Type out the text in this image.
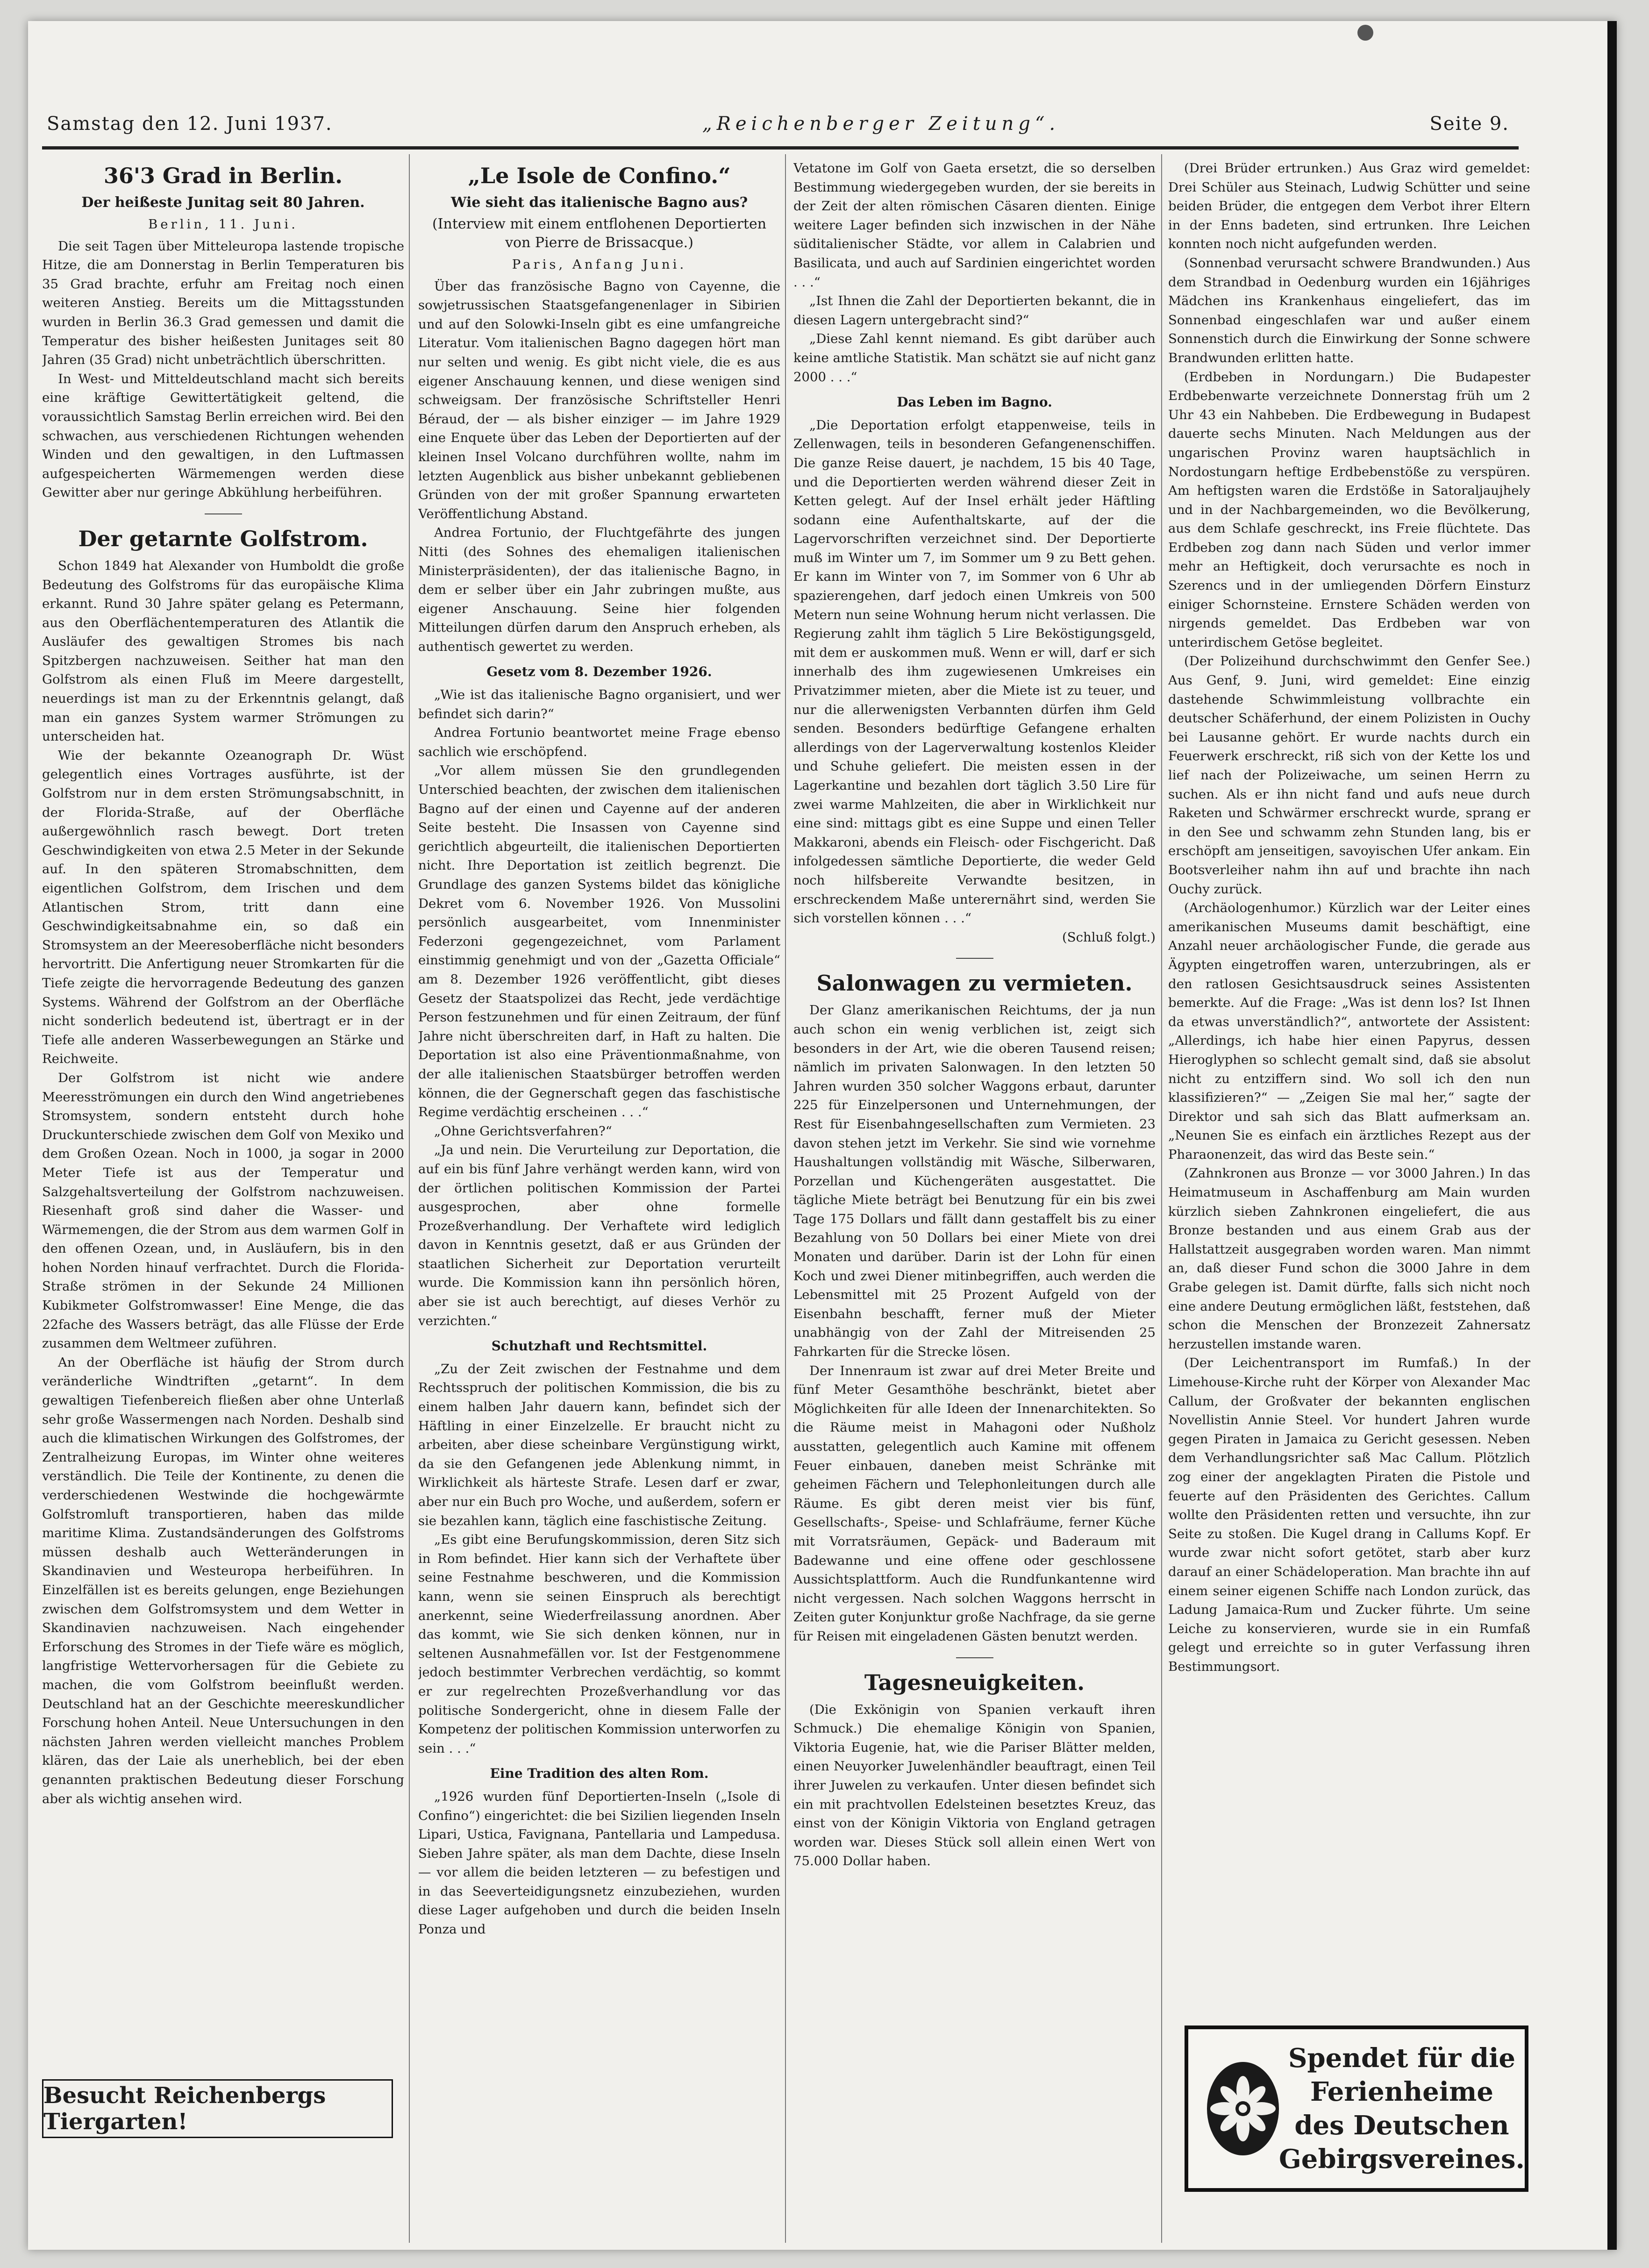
Samstag den 12. Juni 1937.	„Reichenberger Zeitung“.	Seite 9.
36'3 Grad in Berlin.
Der heißeste Junitag seit 80 Jahren.
Berlin, 11. Juni.

Die seit Tagen über Mitteleuropa lastende tropische Hitze, die am Donnerstag in Berlin Temperaturen bis 35 Grad brachte, erfuhr am Freitag noch einen weiteren Anstieg. Bereits um die Mittagsstunden wurden in Berlin 36.3 Grad gemessen und damit die Temperatur des bisher heißesten Junitages seit 80 Jahren (35 Grad) nicht unbeträchtlich überschritten.

In West- und Mitteldeutschland macht sich bereits eine kräftige Gewittertätigkeit geltend, die voraussichtlich Samstag Berlin erreichen wird. Bei den schwachen, aus verschiedenen Richtungen wehenden Winden und den gewaltigen, in den Luftmassen aufgespeicherten Wärmemengen werden diese Gewitter aber nur geringe Abkühlung herbeiführen.

Der getarnte Golfstrom.

Schon 1849 hat Alexander von Humboldt die große Bedeutung des Golfstroms für das europäische Klima erkannt. Rund 30 Jahre später gelang es Petermann, aus den Oberflächentemperaturen des Atlantik die Ausläufer des gewaltigen Stromes bis nach Spitzbergen nachzuweisen. Seither hat man den Golfstrom als einen Fluß im Meere dargestellt, neuerdings ist man zu der Erkenntnis gelangt, daß man ein ganzes System warmer Strömungen zu unterscheiden hat.

Wie der bekannte Ozeanograph Dr. Wüst gelegentlich eines Vortrages ausführte, ist der Golfstrom nur in dem ersten Strömungsabschnitt, in der Florida-Straße, auf der Oberfläche außergewöhnlich rasch bewegt. Dort treten Geschwindigkeiten von etwa 2.5 Meter in der Sekunde auf. In den späteren Stromabschnitten, dem eigentlichen Golfstrom, dem Irischen und dem Atlantischen Strom, tritt dann eine Geschwindigkeitsabnahme ein, so daß ein Stromsystem an der Meeresoberfläche nicht besonders hervortritt. Die Anfertigung neuer Stromkarten für die Tiefe zeigte die hervorragende Bedeutung des ganzen Systems. Während der Golfstrom an der Oberfläche nicht sonderlich bedeutend ist, übertragt er in der Tiefe alle anderen Wasserbewegungen an Stärke und Reichweite.

Der Golfstrom ist nicht wie andere Meeresströmungen ein durch den Wind angetriebenes Stromsystem, sondern entsteht durch hohe Druckunterschiede zwischen dem Golf von Mexiko und dem Großen Ozean. Noch in 1000, ja sogar in 2000 Meter Tiefe ist aus der Temperatur und Salzgehaltsverteilung der Golfstrom nachzuweisen. Riesenhaft groß sind daher die Wasser- und Wärmemengen, die der Strom aus dem warmen Golf in den offenen Ozean, und, in Ausläufern, bis in den hohen Norden hinauf verfrachtet. Durch die Florida-Straße strömen in der Sekunde 24 Millionen Kubikmeter Golfstromwasser! Eine Menge, die das 22fache des Wassers beträgt, das alle Flüsse der Erde zusammen dem Weltmeer zuführen.

An der Oberfläche ist häufig der Strom durch veränderliche Windtriften „getarnt“. In dem gewaltigen Tiefenbereich fließen aber ohne Unterlaß sehr große Wassermengen nach Norden. Deshalb sind auch die klimatischen Wirkungen des Golfstromes, der Zentralheizung Europas, im Winter ohne weiteres verständlich. Die Teile der Kontinente, zu denen die verderschiedenen Westwinde die hochgewärmte Golfstromluft transportieren, haben das milde maritime Klima. Zustandsänderungen des Golfstroms müssen deshalb auch Wetteränderungen in Skandinavien und Westeuropa herbeiführen. In Einzelfällen ist es bereits gelungen, enge Beziehungen zwischen dem Golfstromsystem und dem Wetter in Skandinavien nachzuweisen. Nach eingehender Erforschung des Stromes in der Tiefe wäre es möglich, langfristige Wettervorhersagen für die Gebiete zu machen, die vom Golfstrom beeinflußt werden. Deutschland hat an der Geschichte meereskundlicher Forschung hohen Anteil. Neue Untersuchungen in den nächsten Jahren werden vielleicht manches Problem klären, das der Laie als unerheblich, bei der eben genannten praktischen Bedeutung dieser Forschung aber als wichtig ansehen wird.

Besucht Reichenbergs Tiergarten!
„Le Isole de Confino.“
Wie sieht das italienische Bagno aus?
(Interview mit einem entflohenen Deportierten von Pierre de Brissacque.)
Paris, Anfang Juni.

Über das französische Bagno von Cayenne, die sowjetrussischen Staatsgefangenenlager in Sibirien und auf den Solowki-Inseln gibt es eine umfangreiche Literatur. Vom italienischen Bagno dagegen hört man nur selten und wenig. Es gibt nicht viele, die es aus eigener Anschauung kennen, und diese wenigen sind schweigsam. Der französische Schriftsteller Henri Béraud, der — als bisher einziger — im Jahre 1929 eine Enquete über das Leben der Deportierten auf der kleinen Insel Volcano durchführen wollte, nahm im letzten Augenblick aus bisher unbekannt gebliebenen Gründen von der mit großer Spannung erwarteten Veröffentlichung Abstand.

Andrea Fortunio, der Fluchtgefährte des jungen Nitti (des Sohnes des ehemaligen italienischen Ministerpräsidenten), der das italienische Bagno, in dem er selber über ein Jahr zubringen mußte, aus eigener Anschauung. Seine hier folgenden Mitteilungen dürfen darum den Anspruch erheben, als authentisch gewertet zu werden.

Gesetz vom 8. Dezember 1926.

„Wie ist das italienische Bagno organisiert, und wer befindet sich darin?“

Andrea Fortunio beantwortet meine Frage ebenso sachlich wie erschöpfend.

„Vor allem müssen Sie den grundlegenden Unterschied beachten, der zwischen dem italienischen Bagno auf der einen und Cayenne auf der anderen Seite besteht. Die Insassen von Cayenne sind gerichtlich abgeurteilt, die italienischen Deportierten nicht. Ihre Deportation ist zeitlich begrenzt. Die Grundlage des ganzen Systems bildet das königliche Dekret vom 6. November 1926. Von Mussolini persönlich ausgearbeitet, vom Innenminister Federzoni gegengezeichnet, vom Parlament einstimmig genehmigt und von der „Gazetta Officiale“ am 8. Dezember 1926 veröffentlicht, gibt dieses Gesetz der Staatspolizei das Recht, jede verdächtige Person festzunehmen und für einen Zeitraum, der fünf Jahre nicht überschreiten darf, in Haft zu halten. Die Deportation ist also eine Präventionmaßnahme, von der alle italienischen Staatsbürger betroffen werden können, die der Gegnerschaft gegen das faschistische Regime verdächtig erscheinen . . .“

„Ohne Gerichtsverfahren?“

„Ja und nein. Die Verurteilung zur Deportation, die auf ein bis fünf Jahre verhängt werden kann, wird von der örtlichen politischen Kommission der Partei ausgesprochen, aber ohne formelle Prozeßverhandlung. Der Verhaftete wird lediglich davon in Kenntnis gesetzt, daß er aus Gründen der staatlichen Sicherheit zur Deportation verurteilt wurde. Die Kommission kann ihn persönlich hören, aber sie ist auch berechtigt, auf dieses Verhör zu verzichten.“

Schutzhaft und Rechtsmittel.

„Zu der Zeit zwischen der Festnahme und dem Rechtsspruch der politischen Kommission, die bis zu einem halben Jahr dauern kann, befindet sich der Häftling in einer Einzelzelle. Er braucht nicht zu arbeiten, aber diese scheinbare Vergünstigung wirkt, da sie den Gefangenen jede Ablenkung nimmt, in Wirklichkeit als härteste Strafe. Lesen darf er zwar, aber nur ein Buch pro Woche, und außerdem, sofern er sie bezahlen kann, täglich eine faschistische Zeitung.

„Es gibt eine Berufungskommission, deren Sitz sich in Rom befindet. Hier kann sich der Verhaftete über seine Festnahme beschweren, und die Kommission kann, wenn sie seinen Einspruch als berechtigt anerkennt, seine Wiederfreilassung anordnen. Aber das kommt, wie Sie sich denken können, nur in seltenen Ausnahmefällen vor. Ist der Festgenommene jedoch bestimmter Verbrechen verdächtig, so kommt er zur regelrechten Prozeßverhandlung vor das politische Sondergericht, ohne in diesem Falle der Kompetenz der politischen Kommission unterworfen zu sein . . .“

Eine Tradition des alten Rom.

„1926 wurden fünf Deportierten-Inseln („Isole di Confino“) eingerichtet: die bei Sizilien liegenden Inseln Lipari, Ustica, Favignana, Pantellaria und Lampedusa. Sieben Jahre später, als man dem Dachte, diese Inseln — vor allem die beiden letzteren — zu befestigen und in das Seeverteidigungsnetz einzubeziehen, wurden diese Lager aufgehoben und durch die beiden Inseln Ponza und

Vetatone im Golf von Gaeta ersetzt, die so derselben Bestimmung wiedergegeben wurden, der sie bereits in der Zeit der alten römischen Cäsaren dienten. Einige weitere Lager befinden sich inzwischen in der Nähe süditalienischer Städte, vor allem in Calabrien und Basilicata, und auch auf Sardinien eingerichtet worden . . .“

„Ist Ihnen die Zahl der Deportierten bekannt, die in diesen Lagern untergebracht sind?“

„Diese Zahl kennt niemand. Es gibt darüber auch keine amtliche Statistik. Man schätzt sie auf nicht ganz 2000 . . .“

Das Leben im Bagno.

„Die Deportation erfolgt etappenweise, teils in Zellenwagen, teils in besonderen Gefangenenschiffen. Die ganze Reise dauert, je nachdem, 15 bis 40 Tage, und die Deportierten werden während dieser Zeit in Ketten gelegt. Auf der Insel erhält jeder Häftling sodann eine Aufenthaltskarte, auf der die Lagervorschriften verzeichnet sind. Der Deportierte muß im Winter um 7, im Sommer um 9 zu Bett gehen. Er kann im Winter von 7, im Sommer von 6 Uhr ab spazierengehen, darf jedoch einen Umkreis von 500 Metern nun seine Wohnung herum nicht verlassen. Die Regierung zahlt ihm täglich 5 Lire Beköstigungsgeld, mit dem er auskommen muß. Wenn er will, darf er sich innerhalb des ihm zugewiesenen Umkreises ein Privatzimmer mieten, aber die Miete ist zu teuer, und nur die allerwenigsten Verbannten dürfen ihm Geld senden. Besonders bedürftige Gefangene erhalten allerdings von der Lagerverwaltung kostenlos Kleider und Schuhe geliefert. Die meisten essen in der Lagerkantine und bezahlen dort täglich 3.50 Lire für zwei warme Mahlzeiten, die aber in Wirklichkeit nur eine sind: mittags gibt es eine Suppe und einen Teller Makkaroni, abends ein Fleisch- oder Fischgericht. Daß infolgedessen sämtliche Deportierte, die weder Geld noch hilfsbereite Verwandte besitzen, in erschreckendem Maße unterernährt sind, werden Sie sich vorstellen können . . .“

(Schluß folgt.)
Salonwagen zu vermieten.

Der Glanz amerikanischen Reichtums, der ja nun auch schon ein wenig verblichen ist, zeigt sich besonders in der Art, wie die oberen Tausend reisen; nämlich im privaten Salonwagen. In den letzten 50 Jahren wurden 350 solcher Waggons erbaut, darunter 225 für Einzelpersonen und Unternehmungen, der Rest für Eisenbahngesellschaften zum Vermieten. 23 davon stehen jetzt im Verkehr. Sie sind wie vornehme Haushaltungen vollständig mit Wäsche, Silberwaren, Porzellan und Küchengeräten ausgestattet. Die tägliche Miete beträgt bei Benutzung für ein bis zwei Tage 175 Dollars und fällt dann gestaffelt bis zu einer Bezahlung von 50 Dollars bei einer Miete von drei Monaten und darüber. Darin ist der Lohn für einen Koch und zwei Diener mitinbegriffen, auch werden die Lebensmittel mit 25 Prozent Aufgeld von der Eisenbahn beschafft, ferner muß der Mieter unabhängig von der Zahl der Mitreisenden 25 Fahrkarten für die Strecke lösen.

Der Innenraum ist zwar auf drei Meter Breite und fünf Meter Gesamthöhe beschränkt, bietet aber Möglichkeiten für alle Ideen der Innenarchitekten. So die Räume meist in Mahagoni oder Nußholz ausstatten, gelegentlich auch Kamine mit offenem Feuer einbauen, daneben meist Schränke mit geheimen Fächern und Telephonleitungen durch alle Räume. Es gibt deren meist vier bis fünf, Gesellschafts-, Speise- und Schlafräume, ferner Küche mit Vorratsräumen, Gepäck- und Baderaum mit Badewanne und eine offene oder geschlossene Aussichtsplattform. Auch die Rundfunkantenne wird nicht vergessen. Nach solchen Waggons herrscht in Zeiten guter Konjunktur große Nachfrage, da sie gerne für Reisen mit eingeladenen Gästen benutzt werden.

Tagesneuigkeiten.

(Die Exkönigin von Spanien verkauft ihren Schmuck.) Die ehemalige Königin von Spanien, Viktoria Eugenie, hat, wie die Pariser Blätter melden, einen Neuyorker Juwelenhändler beauftragt, einen Teil ihrer Juwelen zu verkaufen. Unter diesen befindet sich ein mit prachtvollen Edelsteinen besetztes Kreuz, das einst von der Königin Viktoria von England getragen worden war. Dieses Stück soll allein einen Wert von 75.000 Dollar haben.

(Drei Brüder ertrunken.) Aus Graz wird gemeldet: Drei Schüler aus Steinach, Ludwig Schütter und seine beiden Brüder, die entgegen dem Verbot ihrer Eltern in der Enns badeten, sind ertrunken. Ihre Leichen konnten noch nicht aufgefunden werden.

(Sonnenbad verursacht schwere Brandwunden.) Aus dem Strandbad in Oedenburg wurden ein 16jähriges Mädchen ins Krankenhaus eingeliefert, das im Sonnenbad eingeschlafen war und außer einem Sonnenstich durch die Einwirkung der Sonne schwere Brandwunden erlitten hatte.

(Erdbeben in Nordungarn.) Die Budapester Erdbebenwarte verzeichnete Donnerstag früh um 2 Uhr 43 ein Nahbeben. Die Erdbewegung in Budapest dauerte sechs Minuten. Nach Meldungen aus der ungarischen Provinz waren hauptsächlich in Nordostungarn heftige Erdbebenstöße zu verspüren. Am heftigsten waren die Erdstöße in Satoraljaujhely und in der Nachbargemeinden, wo die Bevölkerung, aus dem Schlafe geschreckt, ins Freie flüchtete. Das Erdbeben zog dann nach Süden und verlor immer mehr an Heftigkeit, doch verursachte es noch in Szerencs und in der umliegenden Dörfern Einsturz einiger Schornsteine. Ernstere Schäden werden von nirgends gemeldet. Das Erdbeben war von unterirdischem Getöse begleitet.

(Der Polizeihund durchschwimmt den Genfer See.) Aus Genf, 9. Juni, wird gemeldet: Eine einzig dastehende Schwimmleistung vollbrachte ein deutscher Schäferhund, der einem Polizisten in Ouchy bei Lausanne gehört. Er wurde nachts durch ein Feuerwerk erschreckt, riß sich von der Kette los und lief nach der Polizeiwache, um seinen Herrn zu suchen. Als er ihn nicht fand und aufs neue durch Raketen und Schwärmer erschreckt wurde, sprang er in den See und schwamm zehn Stunden lang, bis er erschöpft am jenseitigen, savoyischen Ufer ankam. Ein Bootsverleiher nahm ihn auf und brachte ihn nach Ouchy zurück.

(Archäologenhumor.) Kürzlich war der Leiter eines amerikanischen Museums damit beschäftigt, eine Anzahl neuer archäologischer Funde, die gerade aus Ägypten eingetroffen waren, unterzubringen, als er den ratlosen Gesichtsausdruck seines Assistenten bemerkte. Auf die Frage: „Was ist denn los? Ist Ihnen da etwas unverständlich?“, antwortete der Assistent: „Allerdings, ich habe hier einen Papyrus, dessen Hieroglyphen so schlecht gemalt sind, daß sie absolut nicht zu entziffern sind. Wo soll ich den nun klassifizieren?“ — „Zeigen Sie mal her,“ sagte der Direktor und sah sich das Blatt aufmerksam an. „Neunen Sie es einfach ein ärztliches Rezept aus der Pharaonenzeit, das wird das Beste sein.“

(Zahnkronen aus Bronze — vor 3000 Jahren.) In das Heimatmuseum in Aschaffenburg am Main wurden kürzlich sieben Zahnkronen eingeliefert, die aus Bronze bestanden und aus einem Grab aus der Hallstattzeit ausgegraben worden waren. Man nimmt an, daß dieser Fund schon die 3000 Jahre in dem Grabe gelegen ist. Damit dürfte, falls sich nicht noch eine andere Deutung ermöglichen läßt, feststehen, daß schon die Menschen der Bronzezeit Zahnersatz herzustellen imstande waren.

(Der Leichentransport im Rumfaß.) In der Limehouse-Kirche ruht der Körper von Alexander Mac Callum, der Großvater der bekannten englischen Novellistin Annie Steel. Vor hundert Jahren wurde gegen Piraten in Jamaica zu Gericht gesessen. Neben dem Verhandlungsrichter saß Mac Callum. Plötzlich zog einer der angeklagten Piraten die Pistole und feuerte auf den Präsidenten des Gerichtes. Callum wollte den Präsidenten retten und versuchte, ihn zur Seite zu stoßen. Die Kugel drang in Callums Kopf. Er wurde zwar nicht sofort getötet, starb aber kurz darauf an einer Schädeloperation. Man brachte ihn auf einem seiner eigenen Schiffe nach London zurück, das Ladung Jamaica-Rum und Zucker führte. Um seine Leiche zu konservieren, wurde sie in ein Rumfaß gelegt und erreichte so in guter Verfassung ihren Bestimmungsort.

Spendet für die
Ferienheime
des Deutschen
Gebirgsvereines.
